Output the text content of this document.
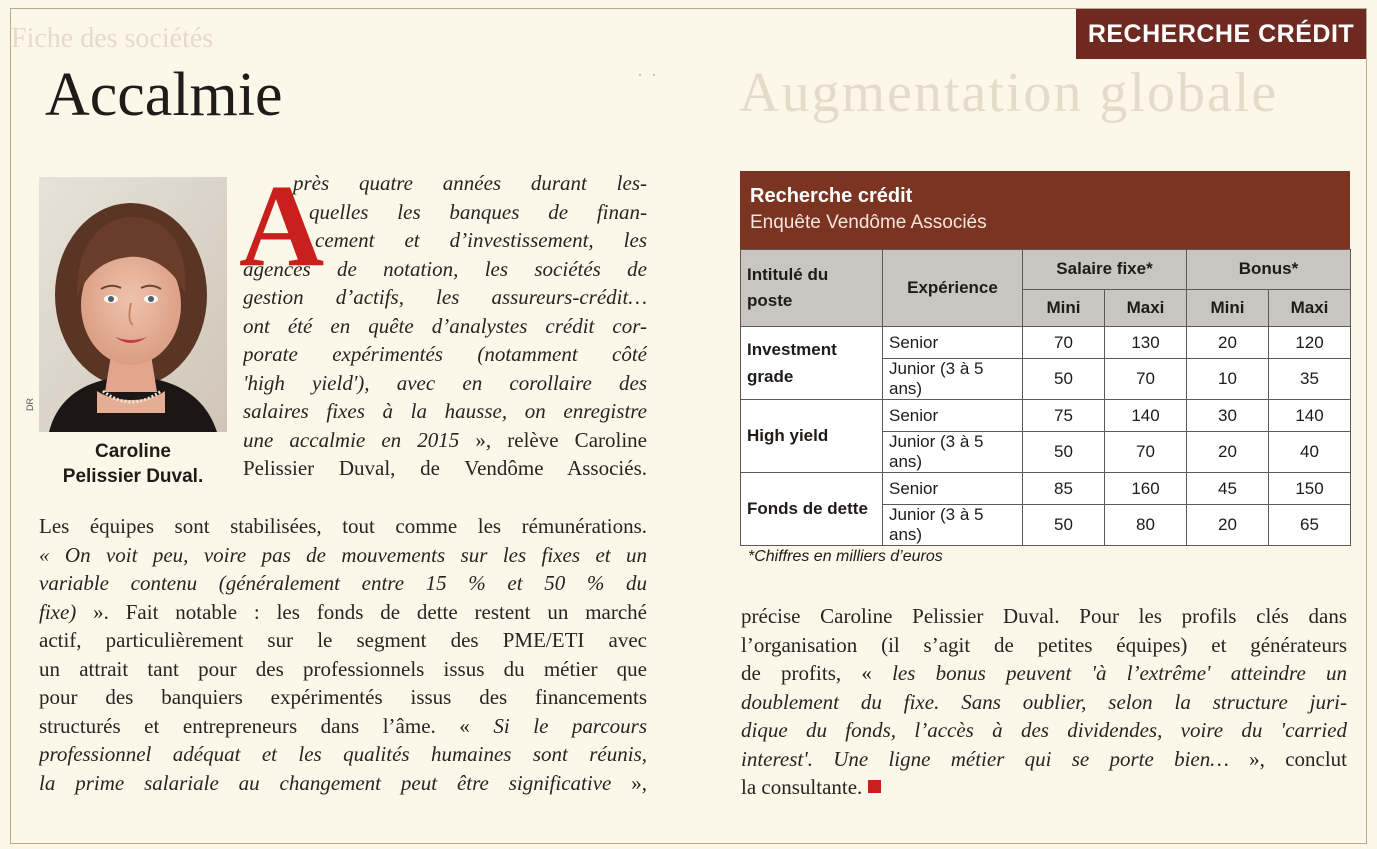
Fiche des sociétés
Augmentation globale
RECHERCHE CRÉDIT
·   ·
Accalmie
DR
Caroline
Pelissier Duval.
A
près quatre années durant les-
quelles les banques de finan-
cement et d’investissement, les
agences de notation, les sociétés de
gestion d’actifs, les assureurs-crédit…
ont été en quête d’analystes crédit cor-
porate expérimentés (notamment côté
'high yield'), avec en corollaire des
salaires fixes à la hausse, on enregistre
une accalmie en 2015 », relève Caroline
Pelissier Duval, de Vendôme Associés.
Les équipes sont stabilisées, tout comme les rémunérations.
« On voit peu, voire pas de mouvements sur les fixes et un
variable contenu (généralement entre 15 % et 50 % du
fixe) ». Fait notable : les fonds de dette restent un marché
actif, particulièrement sur le segment des PME/ETI avec
un attrait tant pour des professionnels issus du métier que
pour des banquiers expérimentés issus des financements
structurés et entrepreneurs dans l’âme. « Si le parcours
professionnel adéquat et les qualités humaines sont réunis,
la prime salariale au changement peut être significative »,
Recherche crédit
Enquête Vendôme Associés
Intitulé du poste	Expérience	Salaire fixe*		Bonus*	
		Mini	Maxi	Mini	Maxi
Investment grade	Senior	70	130	20	120
	Junior (3 à 5 ans)	50	70	10	35
High yield	Senior	75	140	30	140
	Junior (3 à 5 ans)	50	70	20	40
Fonds de dette	Senior	85	160	45	150
	Junior (3 à 5 ans)	50	80	20	65
*Chiffres en milliers d’euros
précise Caroline Pelissier Duval. Pour les profils clés dans
l’organisation (il s’agit de petites équipes) et générateurs
de profits, « les bonus peuvent 'à l’extrême' atteindre un
doublement du fixe. Sans oublier, selon la structure juri-
dique du fonds, l’accès à des dividendes, voire du 'carried
interest'. Une ligne métier qui se porte bien… », conclut
la consultante.
